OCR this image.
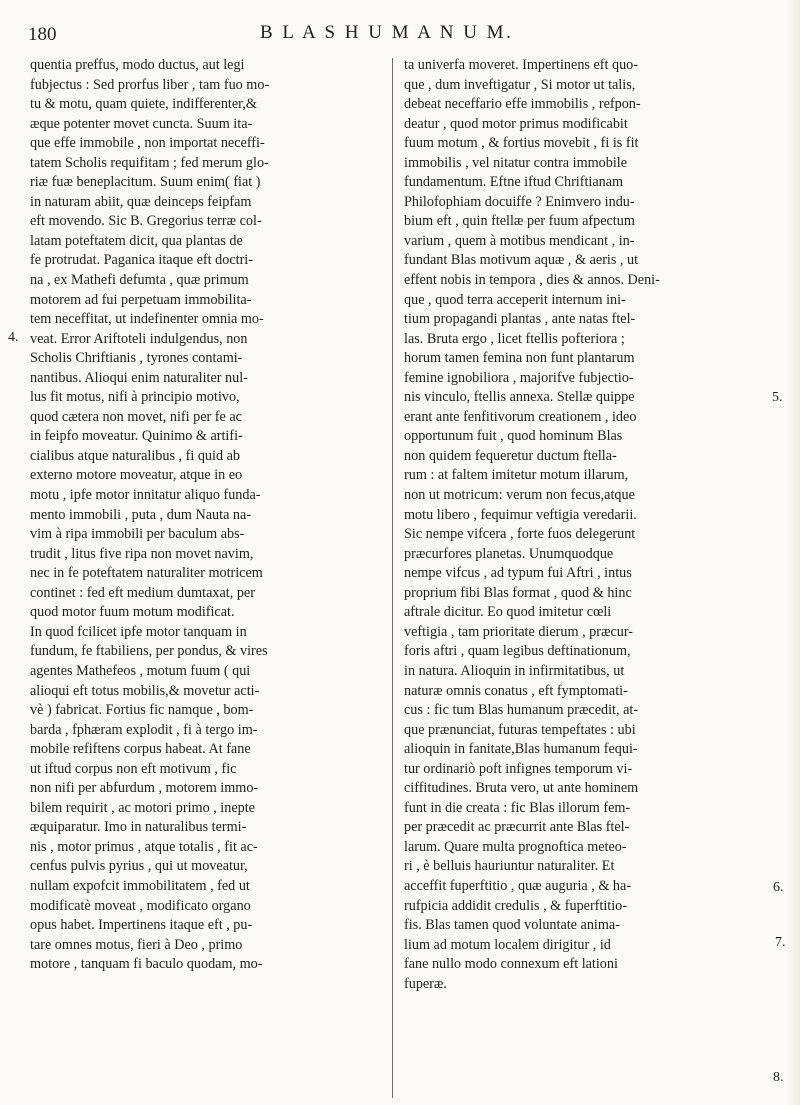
180	B L A S H U M A N U M.
quentia preffus, modo ductus, aut legi
fubjectus : Sed prorfus liber , tam fuo mo-
tu & motu, quam quiete, indifferenter,&
æque potenter movet cuncta. Suum ita-
que effe immobile , non importat neceffi-
tatem Scholis requifitam ; fed merum glo-
riæ fuæ beneplacitum. Suum enim( fiat )
in naturam abiit, quæ deinceps feipfam
eft movendo. Sic B. Gregorius terræ col-
latam poteftatem dicit, qua plantas de
fe protrudat. Paganica itaque eft doctri-
na , ex Mathefi defumta , quæ primum
motorem ad fui perpetuam immobilita-
tem neceffitat, ut indefinenter omnia mo-
veat. Error Ariftoteli indulgendus, non
Scholis Chriftianis , tyrones contami-
nantibus. Alioqui enim naturaliter nul-
lus fit motus, nifi à principio motivo,
quod cætera non movet, nifi per fe ac
in feipfo moveatur. Quinimo & artifi-
cialibus atque naturalibus , fi quid ab
externo motore moveatur, atque in eo
motu , ipfe motor innitatur aliquo funda-
mento immobili , puta , dum Nauta na-
vim à ripa immobili per baculum abs-
trudit , litus five ripa non movet navim,
nec in fe poteftatem naturaliter motricem
continet : fed eft medium dumtaxat, per
quod motor fuum motum modificat.
In quod fcilicet ipfe motor tanquam in
fundum, fe ftabiliens, per pondus, & vires
agentes Mathefeos , motum fuum ( qui
alioqui eft totus mobilis,& movetur acti-
vè ) fabricat. Fortius fic namque , bom-
barda , fphæram explodit , fi à tergo im-
mobile refiftens corpus habeat. At fane
ut iftud corpus non eft motivum , fic
non nifi per abfurdum , motorem immo-
bilem requirit , ac motori primo , inepte
æquiparatur. Imo in naturalibus termi-
nis , motor primus , atque totalis , fit ac-
cenfus pulvis pyrius , qui ut moveatur,
nullam expofcit immobilitatem , fed ut
modificatè moveat , modificato organo
opus habet. Impertinens itaque eft , pu-
tare omnes motus, fieri à Deo , primo
motore , tanquam fi baculo quodam, mo-
ta univerfa moveret. Impertinens eft quo-
que , dum inveftigatur , Si motor ut talis,
debeat neceffario effe immobilis , refpon-
deatur , quod motor primus modificabit
fuum motum , & fortius movebit , fi is fit
immobilis , vel nitatur contra immobile
fundamentum. Eftne iftud Chriftianam
Philofophiam docuiffe ? Enimvero indu-
bium eft , quin ftellæ per fuum afpectum
varium , quem à motibus mendicant , in-
fundant Blas motivum aquæ , & aeris , ut
effent nobis in tempora , dies & annos. Deni-
que , quod terra acceperit internum ini-
tium propagandi plantas , ante natas ftel-
las. Bruta ergo , licet ftellis pofteriora ;
horum tamen femina non funt plantarum
femine ignobiliora , majorifve fubjectio-
nis vinculo, ftellis annexa. Stellæ quippe
erant ante fenfitivorum creationem , ideo
opportunum fuit , quod hominum Blas
non quidem fequeretur ductum ftella-
rum : at faltem imitetur motum illarum,
non ut motricum: verum non fecus,atque
motu libero , fequimur veftigia veredarii.
Sic nempe vifcera , forte fuos delegerunt
præcurfores planetas. Unumquodque
nempe vifcus , ad typum fui Aftri , intus
proprium fibi Blas format , quod & hinc
aftrale dicitur. Eo quod imitetur cœli
veftigia , tam prioritate dierum , præcur-
foris aftri , quam legibus deftinationum,
in natura. Alioquin in infirmitatibus, ut
naturæ omnis conatus , eft fymptomati-
cus : fic tum Blas humanum præcedit, at-
que prænunciat, futuras tempeftates : ubi
alioquin in fanitate,Blas humanum fequi-
tur ordinariò poft infignes temporum vi-
ciffitudines. Bruta vero, ut ante hominem
funt in die creata : fic Blas illorum fem-
per præcedit ac præcurrit ante Blas ftel-
larum. Quare multa prognoftica meteo-
ri , è belluis hauriuntur naturaliter. Et
acceffit fuperftitio , quæ auguria , & ha-
rufpicia addidit credulis , & fuperftitio-
fis. Blas tamen quod voluntate anima-
lium ad motum localem dirigitur , id
fane nullo modo connexum eft lationi
fuperæ.
4.
5.
6.
7.
8.
